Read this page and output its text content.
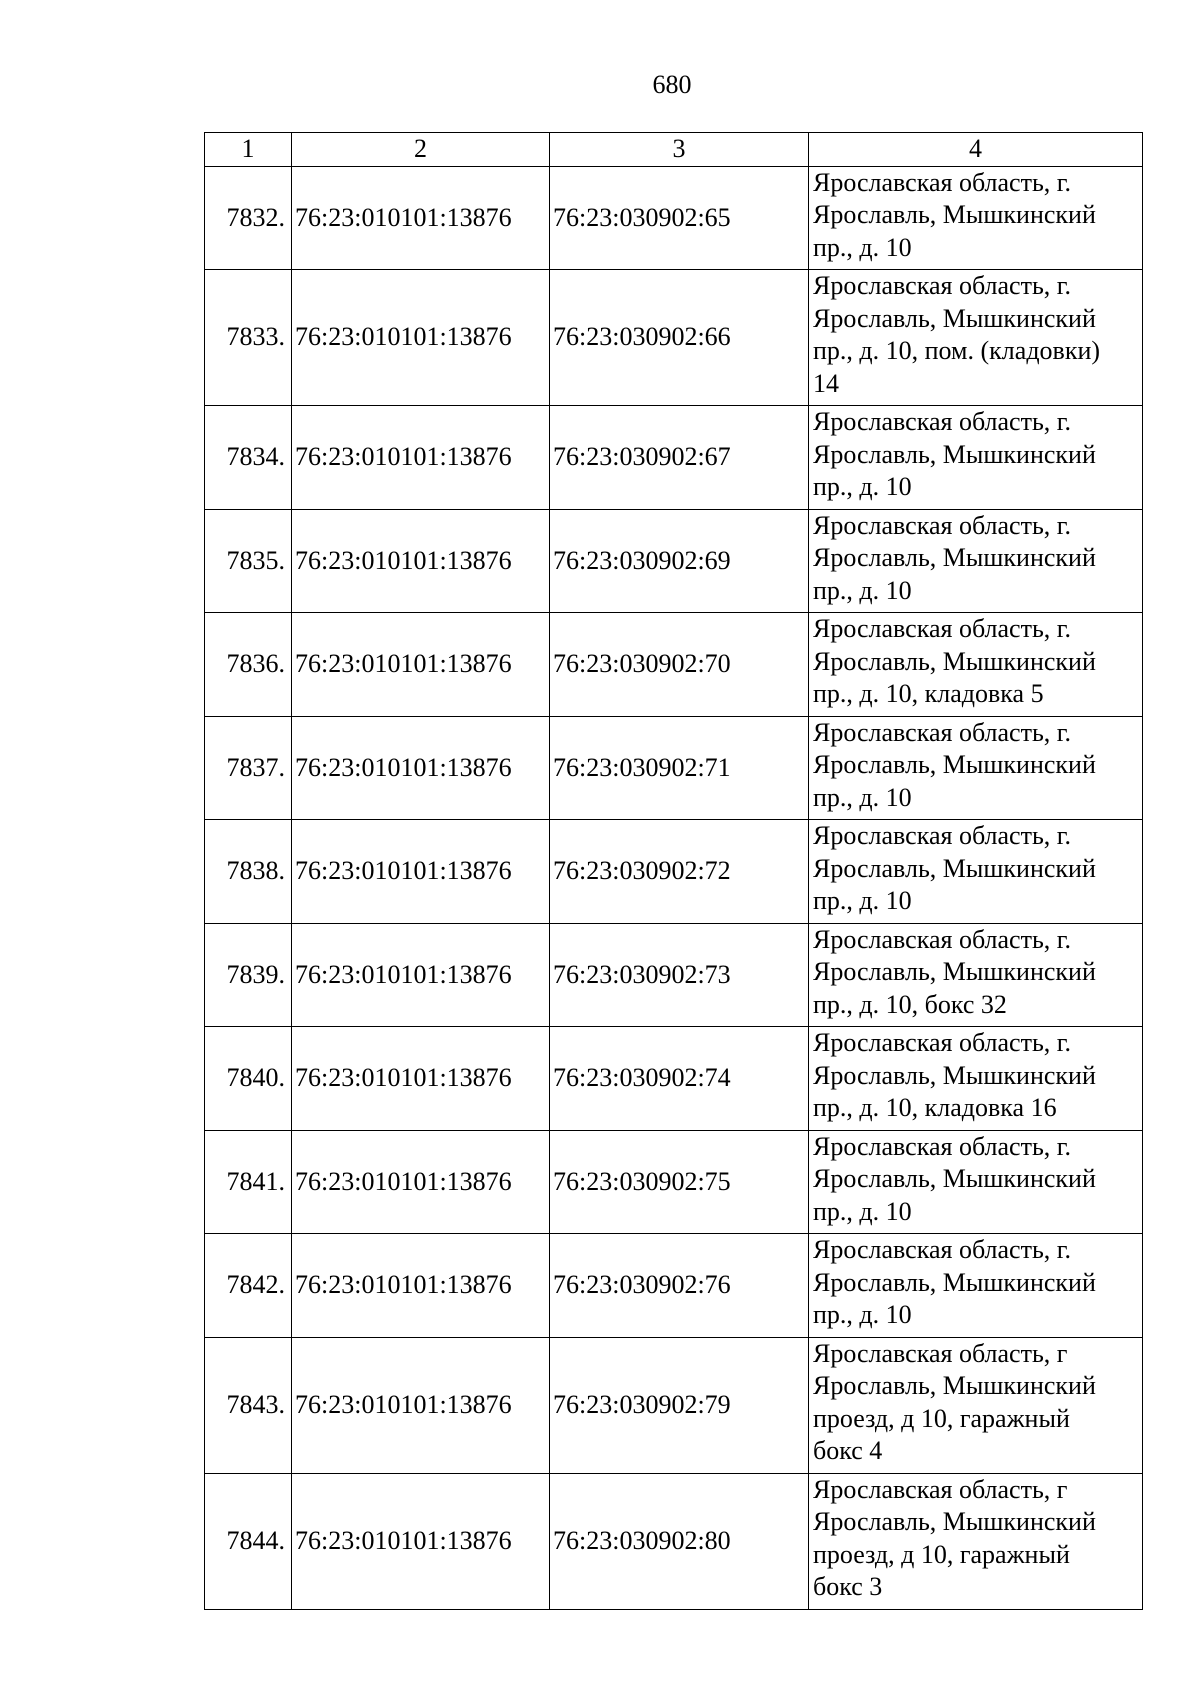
680
1	2	3	4
7832.	76:23:010101:13876	76:23:030902:65	Ярославская область, г.
Ярославль, Мышкинский
пр., д. 10

7833.	76:23:010101:13876	76:23:030902:66	Ярославская область, г.
Ярославль, Мышкинский
пр., д. 10, пом. (кладовки)
14

7834.	76:23:010101:13876	76:23:030902:67	Ярославская область, г.
Ярославль, Мышкинский
пр., д. 10

7835.	76:23:010101:13876	76:23:030902:69	Ярославская область, г.
Ярославль, Мышкинский
пр., д. 10

7836.	76:23:010101:13876	76:23:030902:70	Ярославская область, г.
Ярославль, Мышкинский
пр., д. 10, кладовка 5

7837.	76:23:010101:13876	76:23:030902:71	Ярославская область, г.
Ярославль, Мышкинский
пр., д. 10

7838.	76:23:010101:13876	76:23:030902:72	Ярославская область, г.
Ярославль, Мышкинский
пр., д. 10

7839.	76:23:010101:13876	76:23:030902:73	Ярославская область, г.
Ярославль, Мышкинский
пр., д. 10, бокс 32

7840.	76:23:010101:13876	76:23:030902:74	Ярославская область, г.
Ярославль, Мышкинский
пр., д. 10, кладовка 16

7841.	76:23:010101:13876	76:23:030902:75	Ярославская область, г.
Ярославль, Мышкинский
пр., д. 10

7842.	76:23:010101:13876	76:23:030902:76	Ярославская область, г.
Ярославль, Мышкинский
пр., д. 10

7843.	76:23:010101:13876	76:23:030902:79	Ярославская область, г
Ярославль, Мышкинский
проезд, д 10, гаражный
бокс 4

7844.	76:23:010101:13876	76:23:030902:80	Ярославская область, г
Ярославль, Мышкинский
проезд, д 10, гаражный
бокс 3
